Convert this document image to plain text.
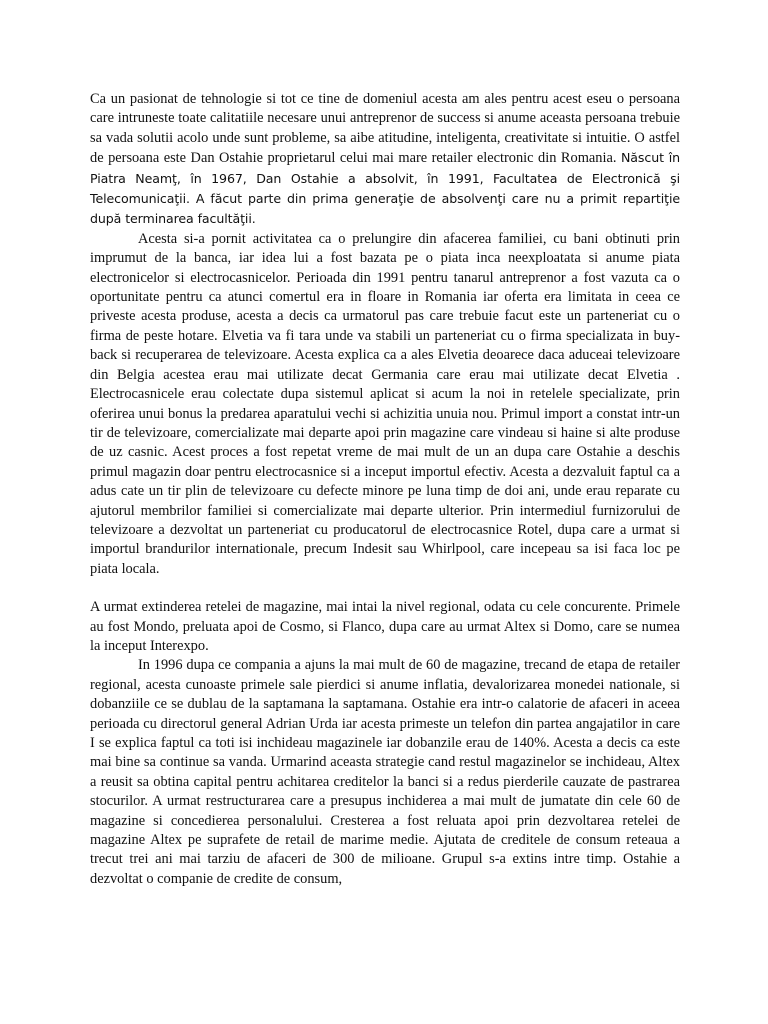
Ca un pasionat de tehnologie si tot ce tine de domeniul acesta am ales pentru acest eseu o persoana care intruneste toate calitatiile necesare unui antreprenor de success si anume aceasta persoana trebuie sa vada solutii acolo unde sunt probleme, sa aibe atitudine, inteligenta, creativitate si intuitie. O astfel de persoana este Dan Ostahie proprietarul celui mai mare retailer electronic din Romania. Născut în Piatra Neamţ, în 1967, Dan Ostahie a absolvit, în 1991, Facultatea de Electronică şi Telecomunicaţii. A făcut parte din prima generaţie de absolvenţi care nu a primit repartiţie după terminarea facultăţii.

Acesta si-a pornit activitatea ca o prelungire din afacerea familiei, cu bani obtinuti prin imprumut de la banca, iar idea lui a fost bazata pe o piata inca neexploatata si anume piata electronicelor si electrocasnicelor. Perioada din 1991 pentru tanarul antreprenor a fost vazuta ca o oportunitate pentru ca atunci comertul era in floare in Romania iar oferta era limitata in ceea ce priveste acesta produse, acesta a decis ca urmatorul pas care trebuie facut este un parteneriat cu o firma de peste hotare. Elvetia va fi tara unde va stabili un parteneriat cu o firma specializata in buy-back si recuperarea de televizoare. Acesta explica ca a ales Elvetia deoarece daca aduceai televizoare din Belgia acestea erau mai utilizate decat Germania care erau mai utilizate decat Elvetia . Electrocasnicele erau colectate dupa sistemul aplicat si acum la noi in retelele specializate, prin oferirea unui bonus la predarea aparatului vechi si achizitia unuia nou. Primul import a constat intr-un tir de televizoare, comercializate mai departe apoi prin magazine care vindeau si haine si alte produse de uz casnic. Acest proces a fost repetat vreme de mai mult de un an dupa care Ostahie a deschis primul magazin doar pentru electrocasnice si a inceput importul efectiv. Acesta a dezvaluit faptul ca a adus cate un tir plin de televizoare cu defecte minore pe luna timp de doi ani, unde erau reparate cu ajutorul membrilor familiei si comercializate mai departe ulterior. Prin intermediul furnizorului de televizoare a dezvoltat un parteneriat cu producatorul de electrocasnice Rotel, dupa care a urmat si importul brandurilor internationale, precum Indesit sau Whirlpool, care incepeau sa isi faca loc pe piata locala.

A urmat extinderea retelei de magazine, mai intai la nivel regional, odata cu cele concurente. Primele au fost Mondo, preluata apoi de Cosmo, si Flanco, dupa care au urmat Altex si Domo, care se numea la inceput Interexpo.

In 1996 dupa ce compania a ajuns la mai mult de 60 de magazine, trecand de etapa de retailer regional, acesta cunoaste primele sale pierdici si anume inflatia, devalorizarea monedei nationale, si dobanziile ce se dublau de la saptamana la saptamana. Ostahie era intr-o calatorie de afaceri in aceea perioada cu directorul general Adrian Urda iar acesta primeste un telefon din partea angajatilor in care I se explica faptul ca toti isi inchideau magazinele iar dobanzile erau de 140%. Acesta a decis ca este mai bine sa continue sa vanda. Urmarind aceasta strategie cand restul magazinelor se inchideau, Altex a reusit sa obtina capital pentru achitarea creditelor la banci si a redus pierderile cauzate de pastrarea stocurilor. A urmat restructurarea care a presupus inchiderea a mai mult de jumatate din cele 60 de magazine si concedierea personalului. Cresterea a fost reluata apoi prin dezvoltarea retelei de magazine Altex pe suprafete de retail de marime medie. Ajutata de creditele de consum reteaua a trecut trei ani mai tarziu de afaceri de 300 de milioane. Grupul s-a extins intre timp. Ostahie a dezvoltat o companie de credite de consum,
